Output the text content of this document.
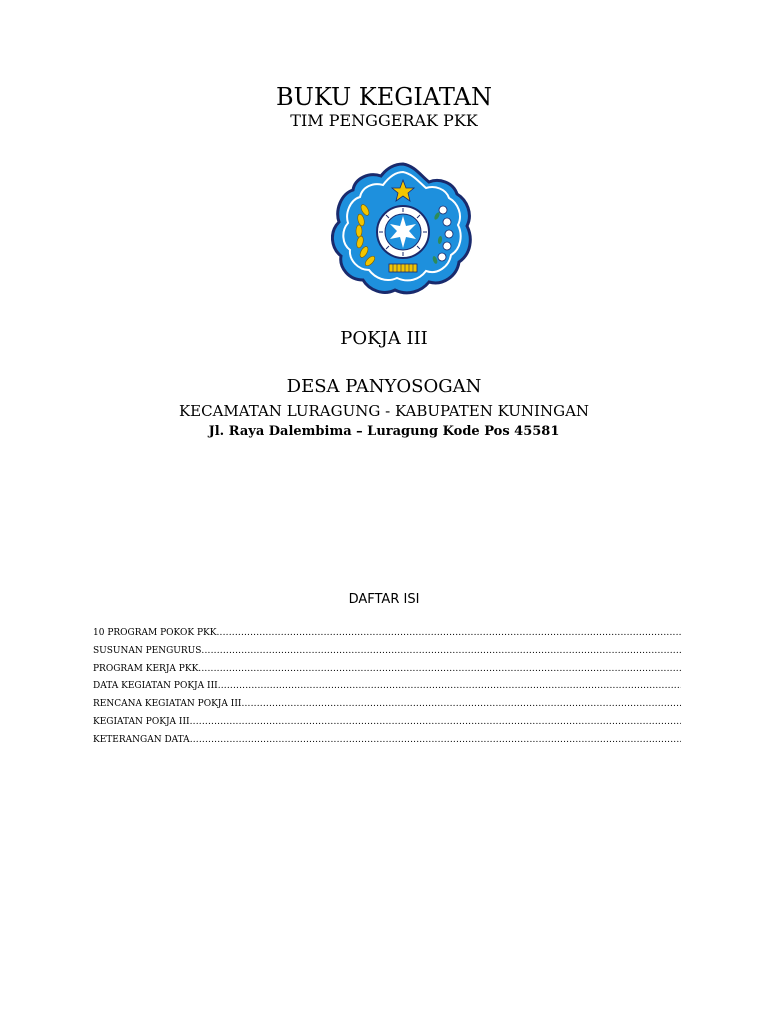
BUKU KEGIATAN
TIM PENGGERAK PKK
POKJA III
DESA PANYOSOGAN
KECAMATAN LURAGUNG - KABUPATEN KUNINGAN
Jl. Raya Dalembima – Luragung Kode Pos 45581
DAFTAR ISI
10 PROGRAM POKOK PKK
.....
SUSUNAN PENGURUS
.....
PROGRAM KERJA PKK
.....
DATA KEGIATAN POKJA III
.....
RENCANA KEGIATAN POKJA III
.....
KEGIATAN POKJA III
.....
KETERANGAN DATA
.....
